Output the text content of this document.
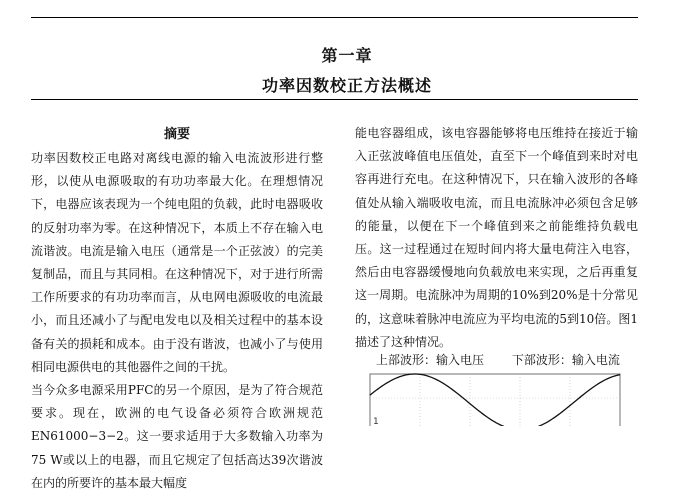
第一章
功率因数校正方法概述
摘要

功率因数校正电路对离线电源的输入电流波形进行整形，以使从电源吸取的有功功率最大化。在理想情况下，电器应该表现为一个纯电阻的负载，此时电器吸收的反射功率为零。在这种情况下，本质上不存在输入电流谐波。电流是输入电压（通常是一个正弦波）的完美复制品，而且与其同相。在这种情况下，对于进行所需工作所要求的有功功率而言，从电网电源吸收的电流最小，而且还减小了与配电发电以及相关过程中的基本设备有关的损耗和成本。由于没有谐波，也减小了与使用相同电源供电的其他器件之间的干扰。

当今众多电源采用PFC的另一个原因，是为了符合规范要求。现在，欧洲的电气设备必须符合欧洲规范EN61000−3−2。这一要求适用于大多数输入功率为75 W或以上的电器，而且它规定了包括高达39次谐波在内的所要许的基本最大幅度

能电容器组成，该电容器能够将电压维持在接近于输入正弦波峰值电压值处，直至下一个峰值到来时对电容再进行充电。在这种情况下，只在输入波形的各峰值处从输入端吸收电流，而且电流脉冲必须包含足够的能量，以便在下一个峰值到来之前能维持负载电压。这一过程通过在短时间内将大量电荷注入电容，然后由电容器缓慢地向负载放电来实现，之后再重复这一周期。电流脉冲为周期的10%到20%是十分常见的，这意味着脉冲电流应为平均电流的5到10倍。图1描述了这种情况。

上部波形：输入电压 下部波形：输入电流
1
